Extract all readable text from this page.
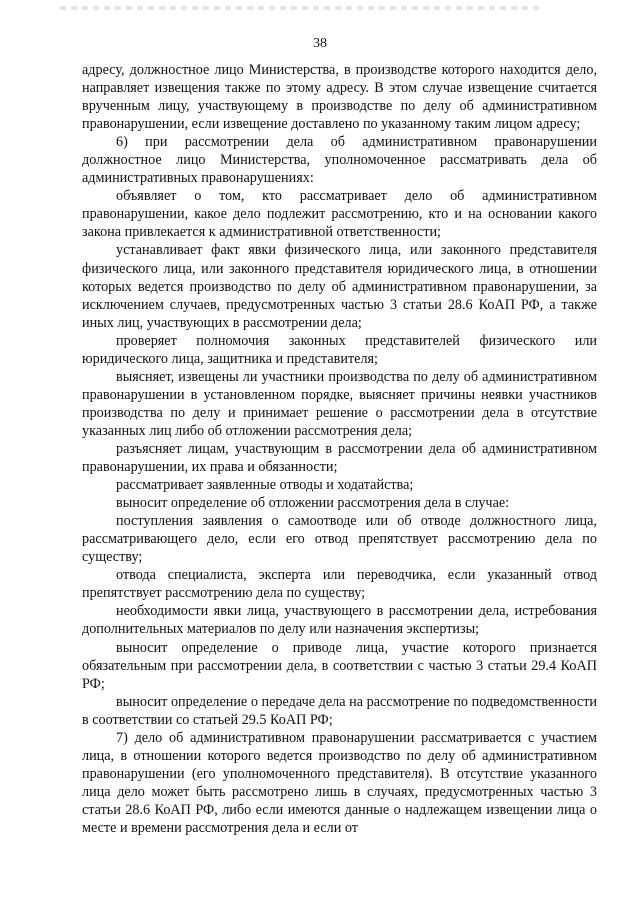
38

адресу, должностное лицо Министерства, в производстве которого находится дело, направляет извещения также по этому адресу. В этом случае извещение считается врученным лицу, участвующему в производстве по делу об административном правонарушении, если извещение доставлено по указанному таким лицом адресу;

6) при рассмотрении дела об административном правонарушении должностное лицо Министерства, уполномоченное рассматривать дела об административных правонарушениях:

объявляет о том, кто рассматривает дело об административном правонарушении, какое дело подлежит рассмотрению, кто и на основании какого закона привлекается к административной ответственности;

устанавливает факт явки физического лица, или законного представителя физического лица, или законного представителя юридического лица, в отношении которых ведется производство по делу об административном правонарушении, за исключением случаев, предусмотренных частью 3 статьи 28.6 КоАП РФ, а также иных лиц, участвующих в рассмотрении дела;

проверяет полномочия законных представителей физического или юридического лица, защитника и представителя;

выясняет, извещены ли участники производства по делу об административном правонарушении в установленном порядке, выясняет причины неявки участников производства по делу и принимает решение о рассмотрении дела в отсутствие указанных лиц либо об отложении рассмотрения дела;

разъясняет лицам, участвующим в рассмотрении дела об административном правонарушении, их права и обязанности;

рассматривает заявленные отводы и ходатайства;

выносит определение об отложении рассмотрения дела в случае:

поступления заявления о самоотводе или об отводе должностного лица, рассматривающего дело, если его отвод препятствует рассмотрению дела по существу;

отвода специалиста, эксперта или переводчика, если указанный отвод препятствует рассмотрению дела по существу;

необходимости явки лица, участвующего в рассмотрении дела, истребования дополнительных материалов по делу или назначения экспертизы;

выносит определение о приводе лица, участие которого признается обязательным при рассмотрении дела, в соответствии с частью 3 статьи 29.4 КоАП РФ;

выносит определение о передаче дела на рассмотрение по подведомственности в соответствии со статьей 29.5 КоАП РФ;

7) дело об административном правонарушении рассматривается с участием лица, в отношении которого ведется производство по делу об административном правонарушении (его уполномоченного представителя). В отсутствие указанного лица дело может быть рассмотрено лишь в случаях, предусмотренных частью 3 статьи 28.6 КоАП РФ, либо если имеются данные о надлежащем извещении лица о месте и времени рассмотрения дела и если от
